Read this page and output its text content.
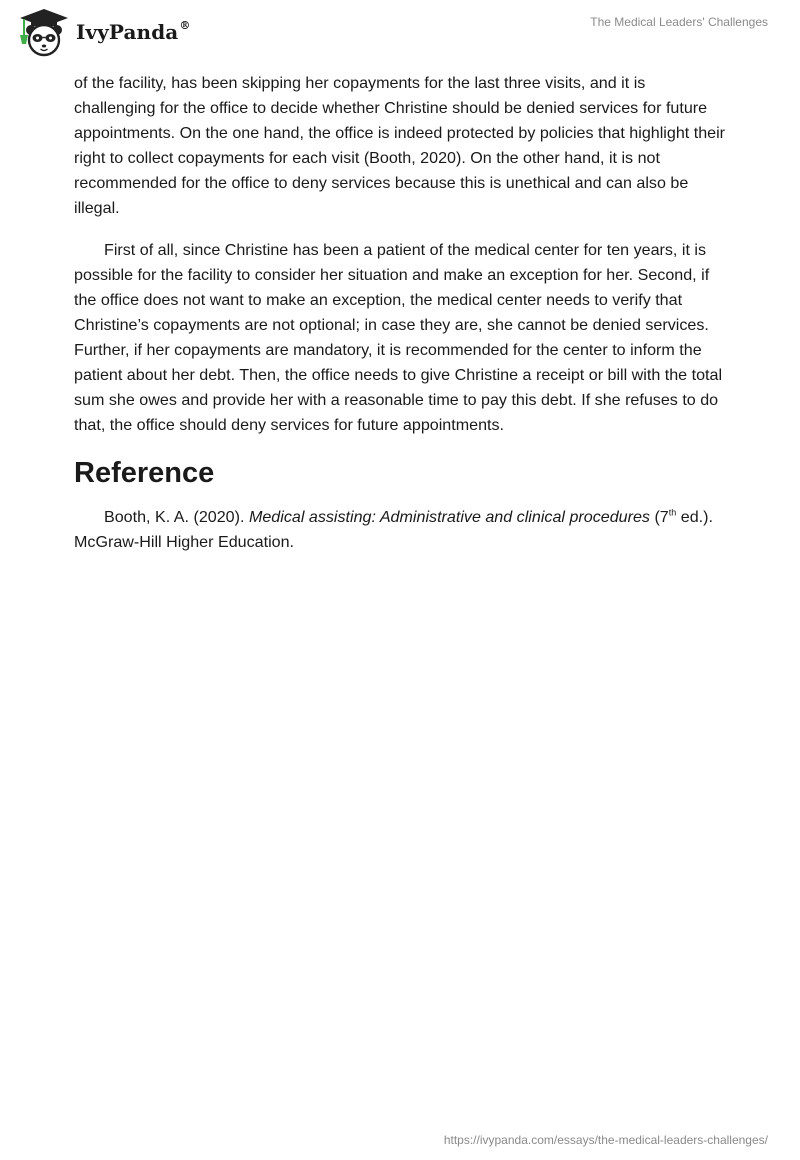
IvyPanda®	The Medical Leaders' Challenges

of the facility, has been skipping her copayments for the last three visits, and it is challenging for the office to decide whether Christine should be denied services for future appointments. On the one hand, the office is indeed protected by policies that highlight their right to collect copayments for each visit (Booth, 2020). On the other hand, it is not recommended for the office to deny services because this is unethical and can also be illegal.

First of all, since Christine has been a patient of the medical center for ten years, it is possible for the facility to consider her situation and make an exception for her. Second, if the office does not want to make an exception, the medical center needs to verify that Christine’s copayments are not optional; in case they are, she cannot be denied services. Further, if her copayments are mandatory, it is recommended for the center to inform the patient about her debt. Then, the office needs to give Christine a receipt or bill with the total sum she owes and provide her with a reasonable time to pay this debt. If she refuses to do that, the office should deny services for future appointments.

Reference

Booth, K. A. (2020). Medical assisting: Administrative and clinical procedures (7th ed.). McGraw-Hill Higher Education.

https://ivypanda.com/essays/the-medical-leaders-challenges/
